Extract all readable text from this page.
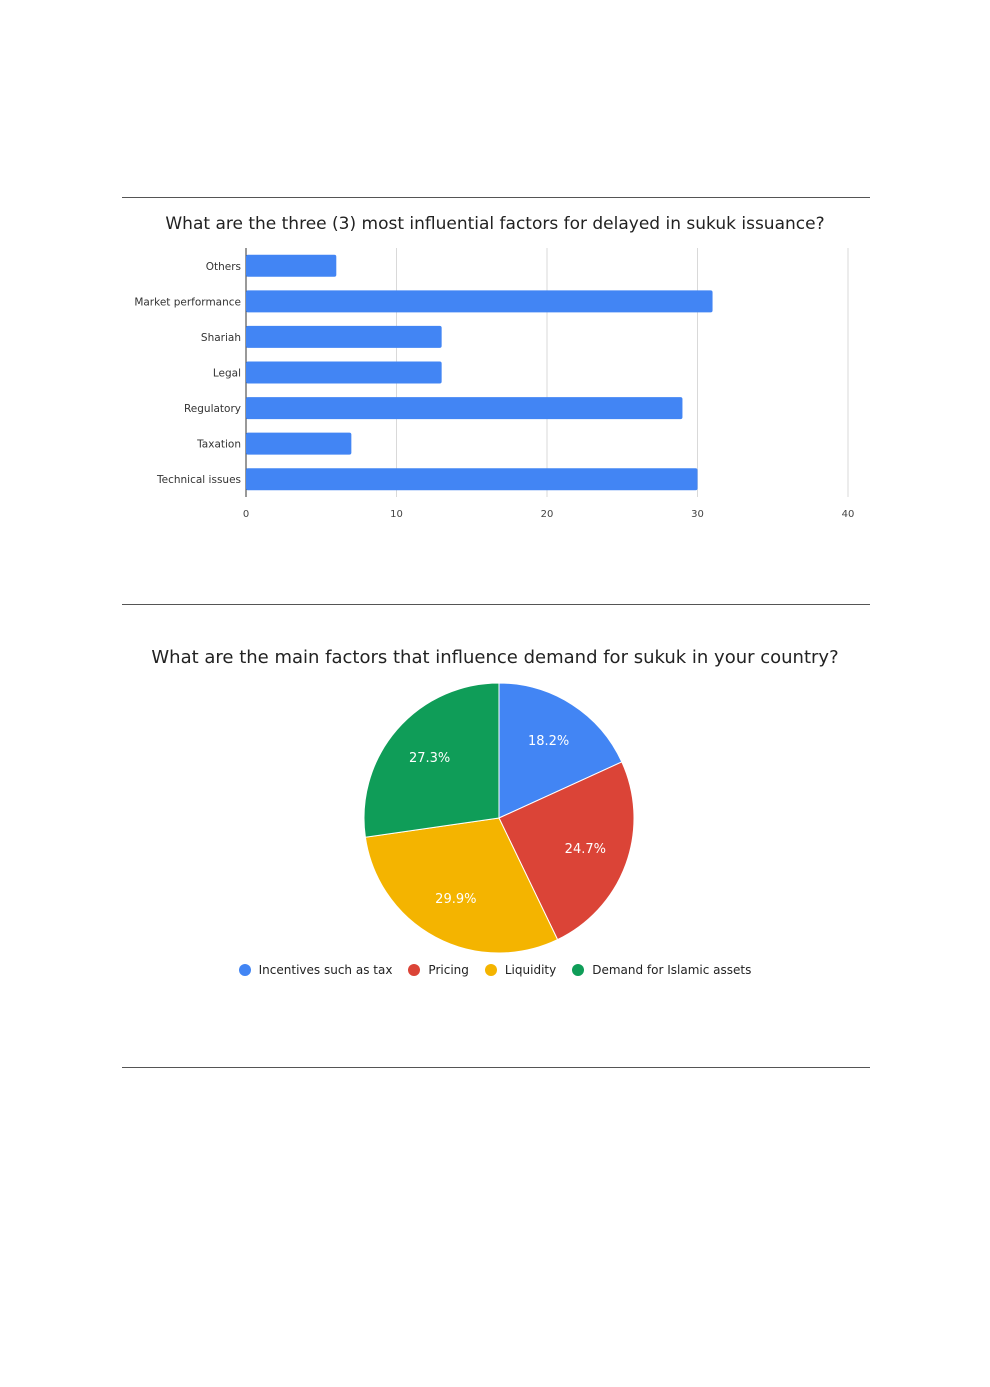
What are the three (3) most influential factors for delayed in sukuk issuance?
0	10	20	30	40
Others
Market performance
Shariah
Legal
Regulatory
Taxation
Technical issues
What are the main factors that influence demand for sukuk in your country?
18.2%
24.7%
29.9%
27.3%
Incentives such as tax	Pricing	Liquidity	Demand for Islamic assets
